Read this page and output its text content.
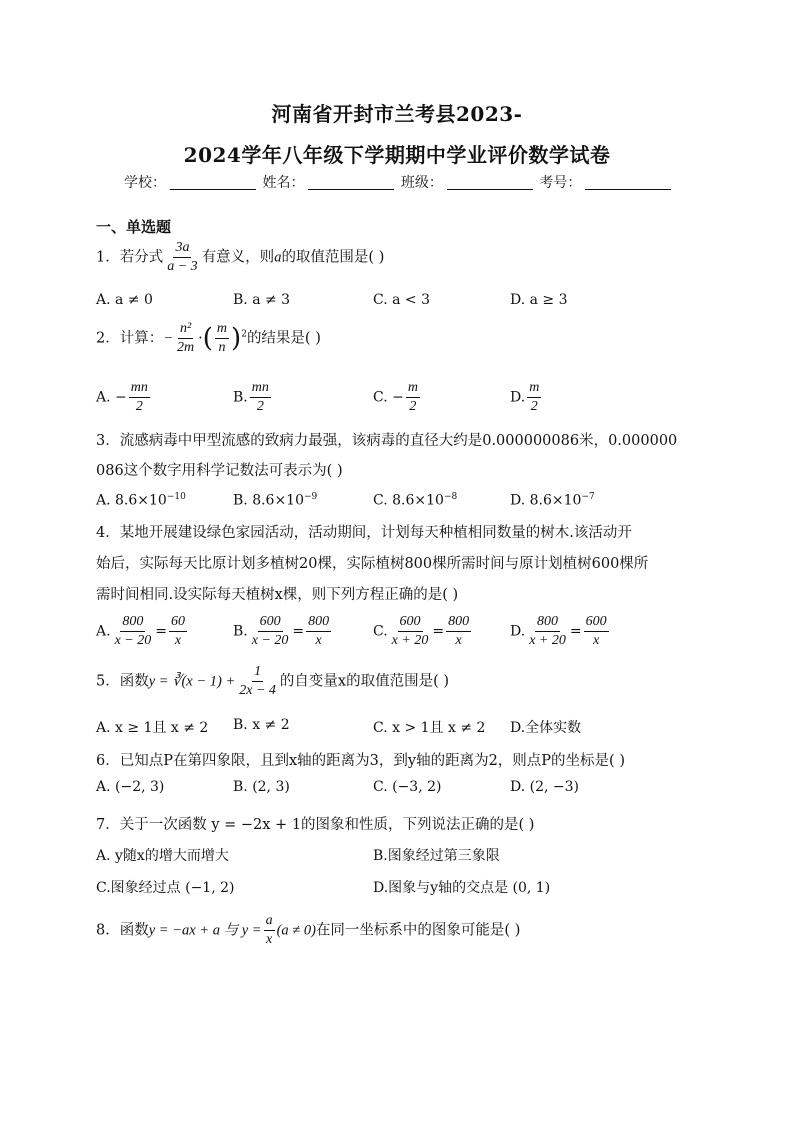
河南省开封市兰考县2023-
2024学年八年级下学期期中学业评价数学试卷
学校：	姓名：	班级：	考号：
一、单选题
1．若分式 $\frac{3a}{a - 3}$ 有意义，则a的取值范围是( )
A. a ≠ 0	B. a ≠ 3	C. a < 3	D. a ≥ 3
2．计算：− $\frac{\text{n²}}{2m}$ ·( $\frac{m}{n} )^2$的结果是( )
A. − $\frac{mn}{2}$	B. $\frac{mn}{2}$	C. − $\frac{m}{2}$	D. $\frac{m}{2}$
3．流感病毒中甲型流感的致病力最强，该病毒的直径大约是0.000000086米，0.000000
086这个数字用科学记数法可表示为( )
A. $8.6\times 10^{-10}$	B. $8.6\times 10^{-9}$	C. $8.6\times 10^{-8}$	D. $8.6\times 10^{-7}$
4．某地开展建设绿色家园活动，活动期间，计划每天种植相同数量的树木.该活动开
始后，实际每天比原计划多植树20棵，实际植树800棵所需时间与原计划植树600棵所
需时间相同.设实际每天植树x棵，则下列方程正确的是( )
A. $\frac{800}{x - 20} = \frac{60}{x}$	B. $\frac{600}{x - 20} = \frac{800}{x}$	C. $\frac{600}{x + 20} = \frac{800}{x}$	D. $\frac{800}{x + 20} = \frac{600}{x}$
5．函数y = ∛(x − $1) + \frac{1}{2x - 4}$ 的自变量x的取值范围是( )
A. x ≥ 1且 x ≠ 2 B. x ≠ 2	C. x > 1且 x ≠ 2 D.全体实数
6．已知点P在第四象限，且到x轴的距离为3，到y轴的距离为2，则点P的坐标是( )
A. (−2, 3)	B. (2, 3)	C. (−3, 2)	D. (2, −3)
7．关于一次函数 y = −2x + 1的图象和性质，下列说法正确的是( )
A. y随x的增大而增大	B.图象经过第三象限
C.图象经过点 (−1, 2)	D.图象与y轴的交点是 (0, 1)
8．函数y = −ax + a 与 $y = \frac{a}{x} (a \ne 0)$在同一坐标系中的图象可能是( )
